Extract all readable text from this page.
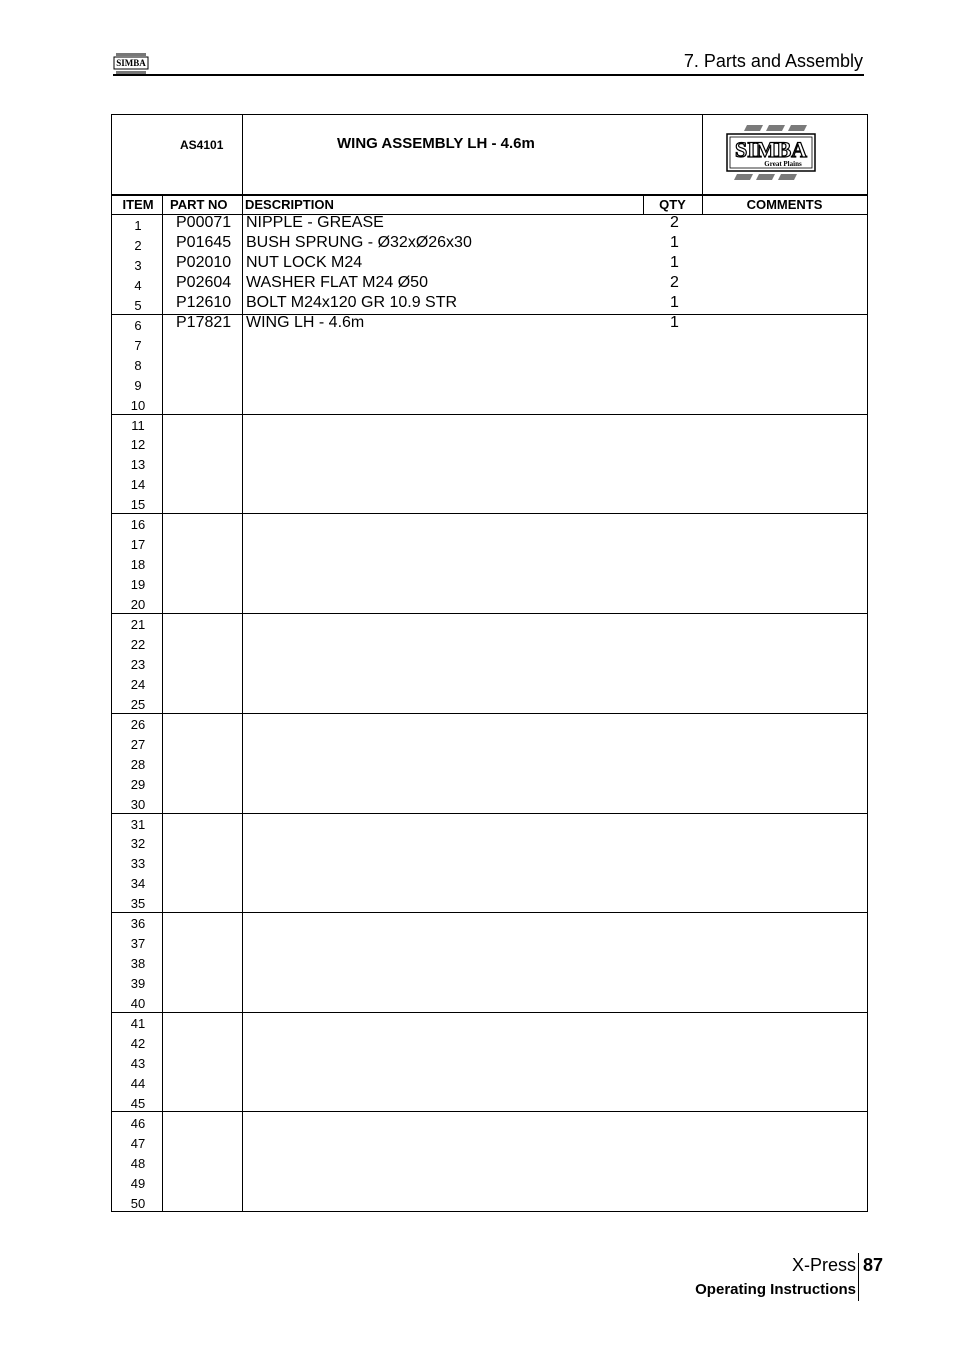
SIMBA	7. Parts and Assembly
AS4101	WING ASSEMBLY LH - 4.6m	SIMBA
Great Plains
ITEM	PART NO DESCRIPTION	QTY	COMMENTS
1	P00071 NIPPLE - GREASE	2
2	P01645 BUSH SPRUNG - Ø32xØ26x30	1
3	P02010 NUT LOCK M24	1
4	P02604 WASHER FLAT M24 Ø50	2
5	P12610 BOLT M24x120 GR 10.9 STR	1
6	P17821 WING LH - 4.6m	1
7
8
9
10
11
12
13
14
15
16
17
18
19
20
21
22
23
24
25
26
27
28
29
30
31
32
33
34
35
36
37
38
39
40
41
42
43
44
45
46
47
48
49
50
X-Press 87
Operating Instructions
